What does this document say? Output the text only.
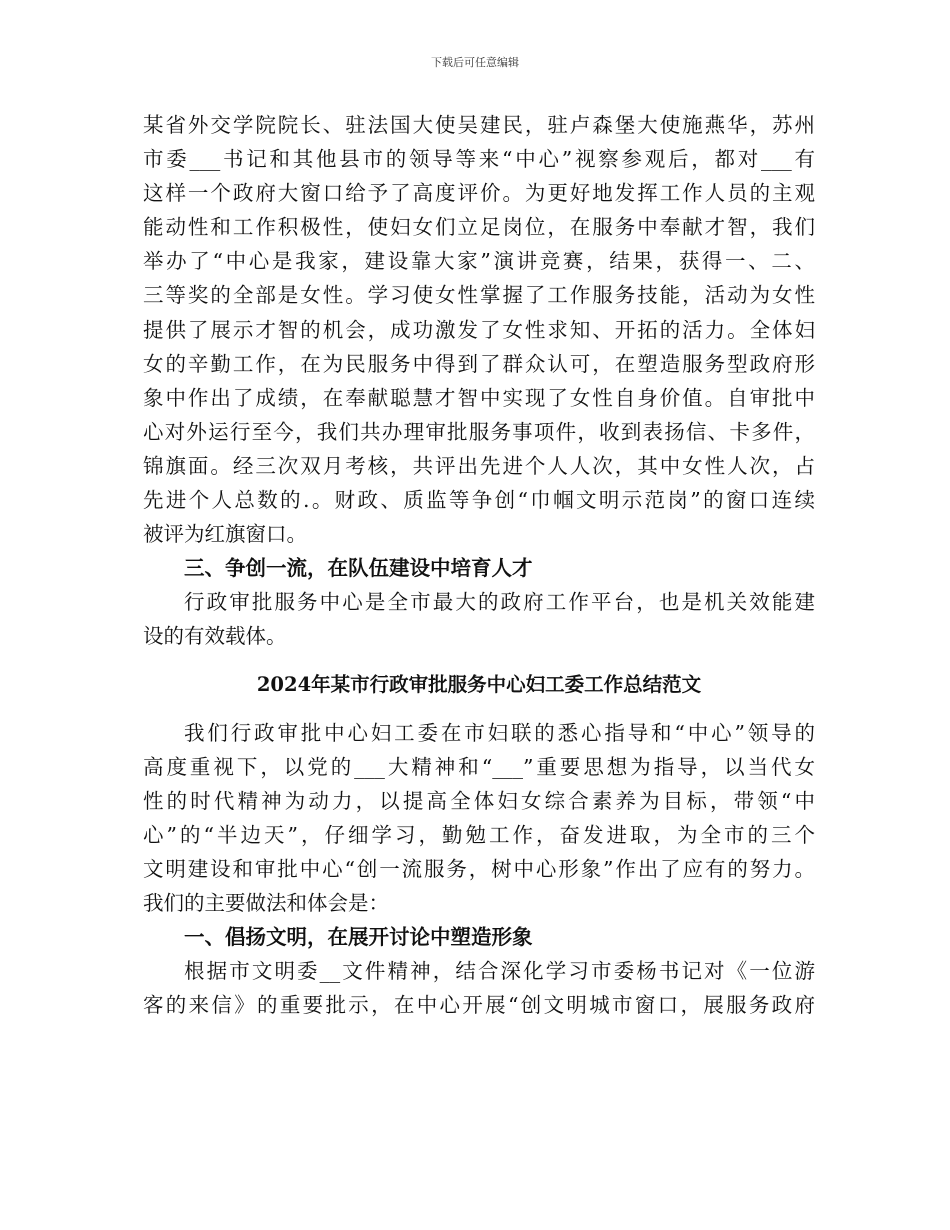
下载后可任意编辑
某省外交学院院长、驻法国大使吴建民，驻卢森堡大使施燕华，苏州
市委___书记和其他县市的领导等来“中心”视察参观后，都对___有
这样一个政府大窗口给予了高度评价。为更好地发挥工作人员的主观
能动性和工作积极性，使妇女们立足岗位，在服务中奉献才智，我们
举办了“中心是我家，建设靠大家”演讲竞赛，结果，获得一、二、
三等奖的全部是女性。学习使女性掌握了工作服务技能，活动为女性
提供了展示才智的机会，成功激发了女性求知、开拓的活力。全体妇
女的辛勤工作，在为民服务中得到了群众认可，在塑造服务型政府形
象中作出了成绩，在奉献聪慧才智中实现了女性自身价值。自审批中
心对外运行至今，我们共办理审批服务事项件，收到表扬信、卡多件，
锦旗面。经三次双月考核，共评出先进个人人次，其中女性人次，占
先进个人总数的.。财政、质监等争创“巾帼文明示范岗”的窗口连续
被评为红旗窗口。
三、争创一流，在队伍建设中培育人才
行政审批服务中心是全市最大的政府工作平台，也是机关效能建
设的有效载体。
2024年某市行政审批服务中心妇工委工作总结范文
我们行政审批中心妇工委在市妇联的悉心指导和“中心”领导的
高度重视下，以党的___大精神和“___”重要思想为指导，以当代女
性的时代精神为动力，以提高全体妇女综合素养为目标，带领“中
心”的“半边天”，仔细学习，勤勉工作，奋发进取，为全市的三个
文明建设和审批中心“创一流服务，树中心形象”作出了应有的努力。
我们的主要做法和体会是：
一、倡扬文明，在展开讨论中塑造形象
根据市文明委__文件精神，结合深化学习市委杨书记对《一位游
客的来信》的重要批示，在中心开展“创文明城市窗口，展服务政府
